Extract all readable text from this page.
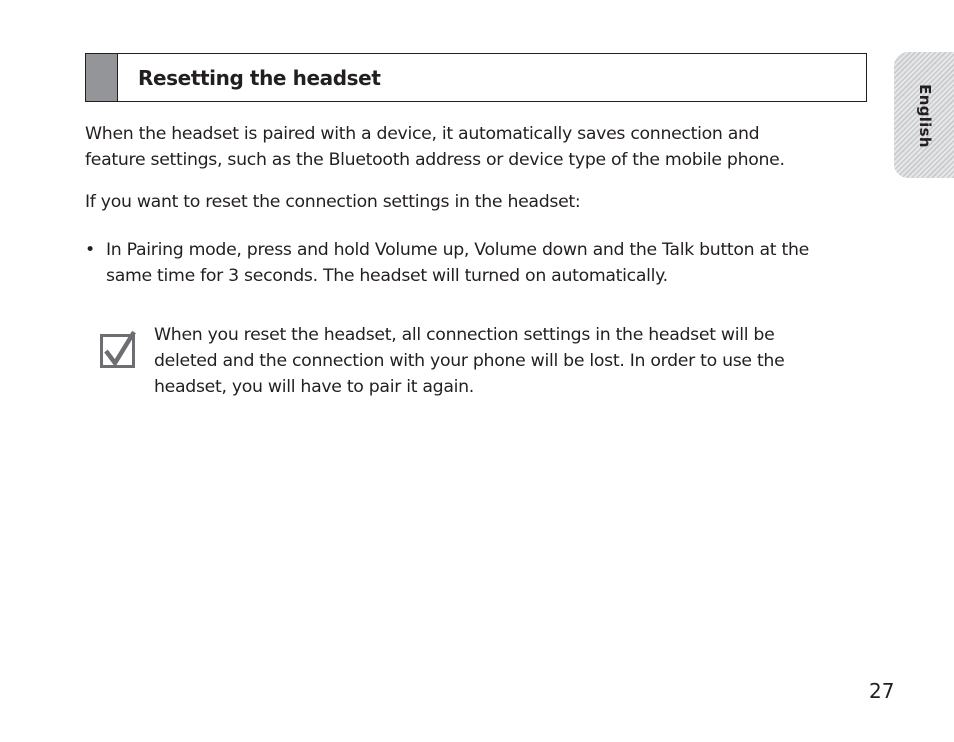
Resetting the headset

When the headset is paired with a device, it automatically saves connection and
feature settings, such as the Bluetooth address or device type of the mobile phone.

If you want to reset the connection settings in the headset:

• In Pairing mode, press and hold Volume up, Volume down and the Talk button at the
same time for 3 seconds. The headset will turned on automatically.
When you reset the headset, all connection settings in the headset will be
deleted and the connection with your phone will be lost. In order to use the
headset, you will have to pair it again.
English
27
